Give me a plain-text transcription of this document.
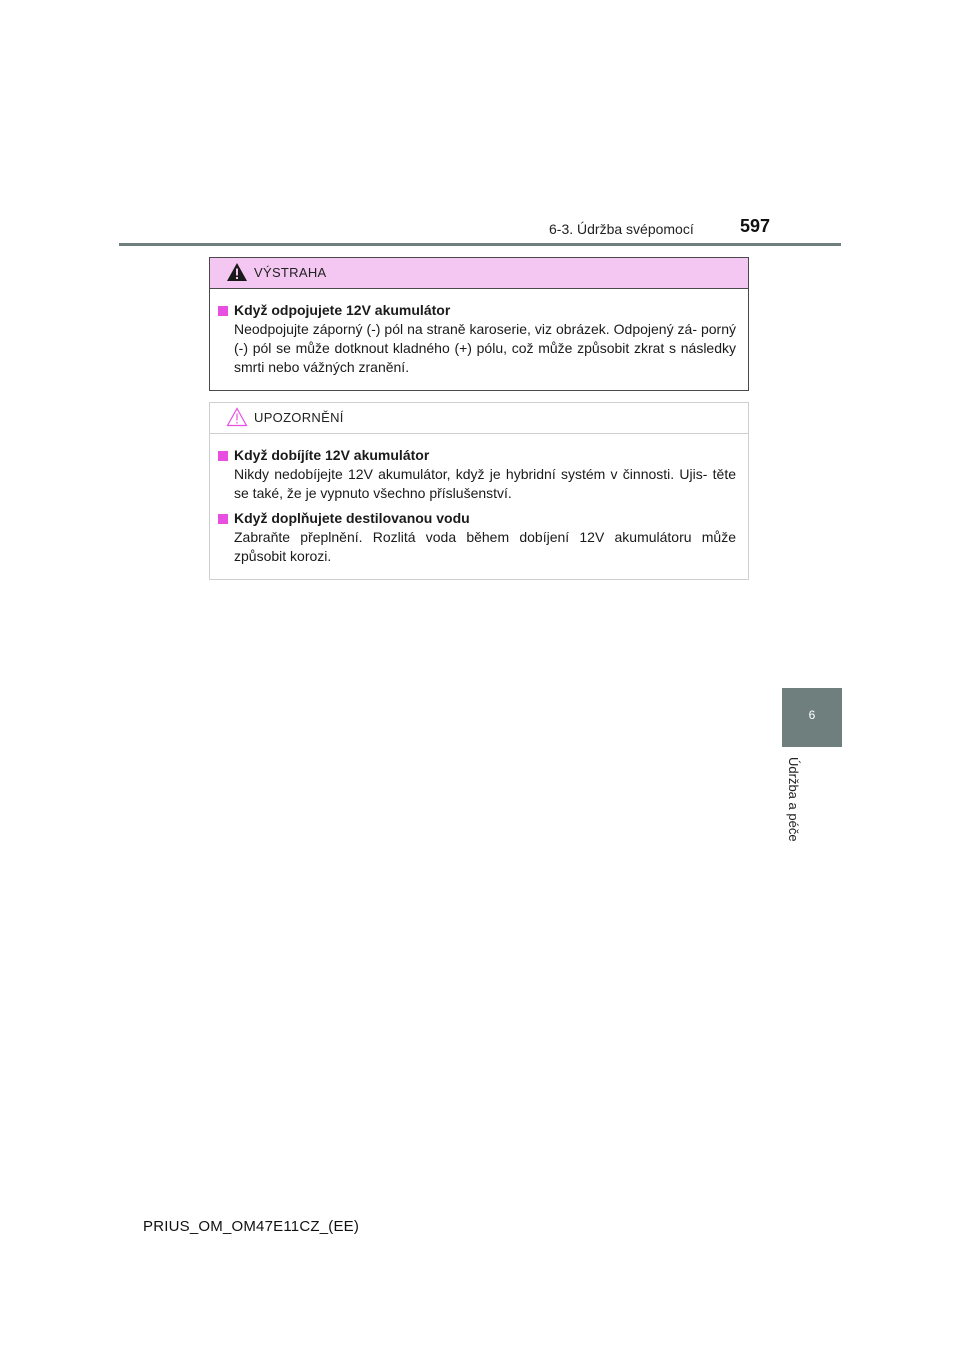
6-3. Údržba svépomocí	597
VÝSTRAHA
Když odpojujete 12V akumulátor
Neodpojujte záporný (-) pól na straně karoserie, viz obrázek. Odpojený zá- porný (-) pól se může dotknout kladného (+) pólu, což může způsobit zkrat s následky smrti nebo vážných zranění.
UPOZORNĚNÍ
Když dobíjíte 12V akumulátor
Nikdy nedobíjejte 12V akumulátor, když je hybridní systém v činnosti. Ujis- těte se také, že je vypnuto všechno příslušenství.
Když doplňujete destilovanou vodu
Zabraňte přeplnění. Rozlitá voda během dobíjení 12V akumulátoru může způsobit korozi.
6
Údržba a péče
PRIUS_OM_OM47E11CZ_(EE)
